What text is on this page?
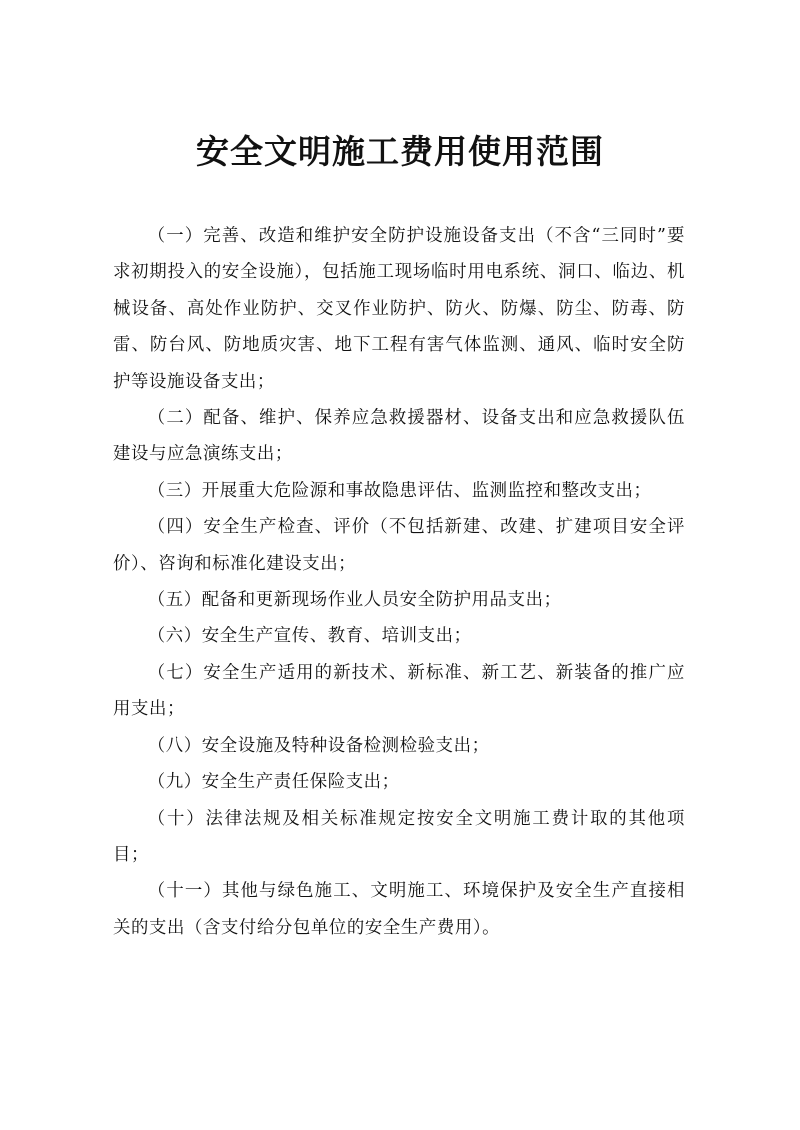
安全文明施工费用使用范围

（一）完善、改造和维护安全防护设施设备支出（不含“三同时”要求初期投入的安全设施），包括施工现场临时用电系统、洞口、临边、机械设备、高处作业防护、交叉作业防护、防火、防爆、防尘、防毒、防雷、防台风、防地质灾害、地下工程有害气体监测、通风、临时安全防护等设施设备支出；

（二）配备、维护、保养应急救援器材、设备支出和应急救援队伍建设与应急演练支出；

（三）开展重大危险源和事故隐患评估、监测监控和整改支出；

（四）安全生产检查、评价（不包括新建、改建、扩建项目安全评价）、咨询和标准化建设支出；

（五）配备和更新现场作业人员安全防护用品支出；

（六）安全生产宣传、教育、培训支出；

（七）安全生产适用的新技术、新标准、新工艺、新装备的推广应用支出；

（八）安全设施及特种设备检测检验支出；

（九）安全生产责任保险支出；

（十）法律法规及相关标准规定按安全文明施工费计取的其他项目；

（十一）其他与绿色施工、文明施工、环境保护及安全生产直接相关的支出（含支付给分包单位的安全生产费用）。
